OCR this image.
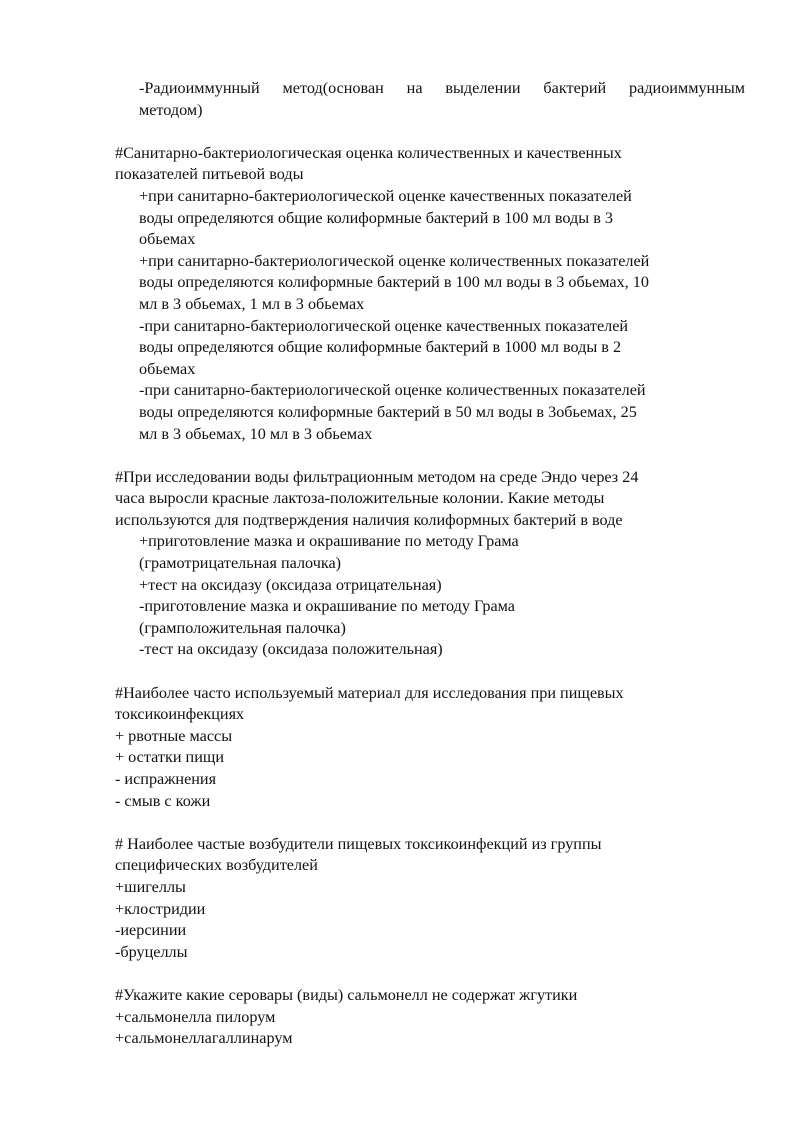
-Радиоиммунный метод(основан на выделении бактерий радиоиммунным
методом)
#Санитарно-бактериологическая оценка количественных и качественных
показателей питьевой воды
+при санитарно-бактериологической оценке качественных показателей
воды определяются общие колиформные бактерий в 100 мл воды в 3
обьемах
+при санитарно-бактериологической оценке количественных показателей
воды определяются колиформные бактерий в 100 мл воды в 3 обьемах, 10
мл в 3 обьемах, 1 мл в 3 обьемах
-при санитарно-бактериологической оценке качественных показателей
воды определяются общие колиформные бактерий в 1000 мл воды в 2
обьемах
-при санитарно-бактериологической оценке количественных показателей
воды определяются колиформные бактерий в 50 мл воды в 3обьемах, 25
мл в 3 обьемах, 10 мл в 3 обьемах
#При исследовании воды фильтрационным методом на среде Эндо через 24
часа выросли красные лактоза-положительные колонии. Какие методы
используются для подтверждения наличия колиформных бактерий в воде
+приготовление мазка и окрашивание по методу Грама
(грамотрицательная палочка)
+тест на оксидазу (оксидаза отрицательная)
-приготовление мазка и окрашивание по методу Грама
(грамположительная палочка)
-тест на оксидазу (оксидаза положительная)
#Наиболее часто используемый материал для исследования при пищевых
токсикоинфекциях
+ рвотные массы
+ остатки пищи
- испражнения
- смыв с кожи
# Наиболее частые возбудители пищевых токсикоинфекций из группы
специфических возбудителей
+шигеллы
+клостридии
-иерсинии
-бруцеллы
#Укажите какие серовары (виды) сальмонелл не содержат жгутики
+сальмонелла пилорум
+сальмонеллагаллинарум
